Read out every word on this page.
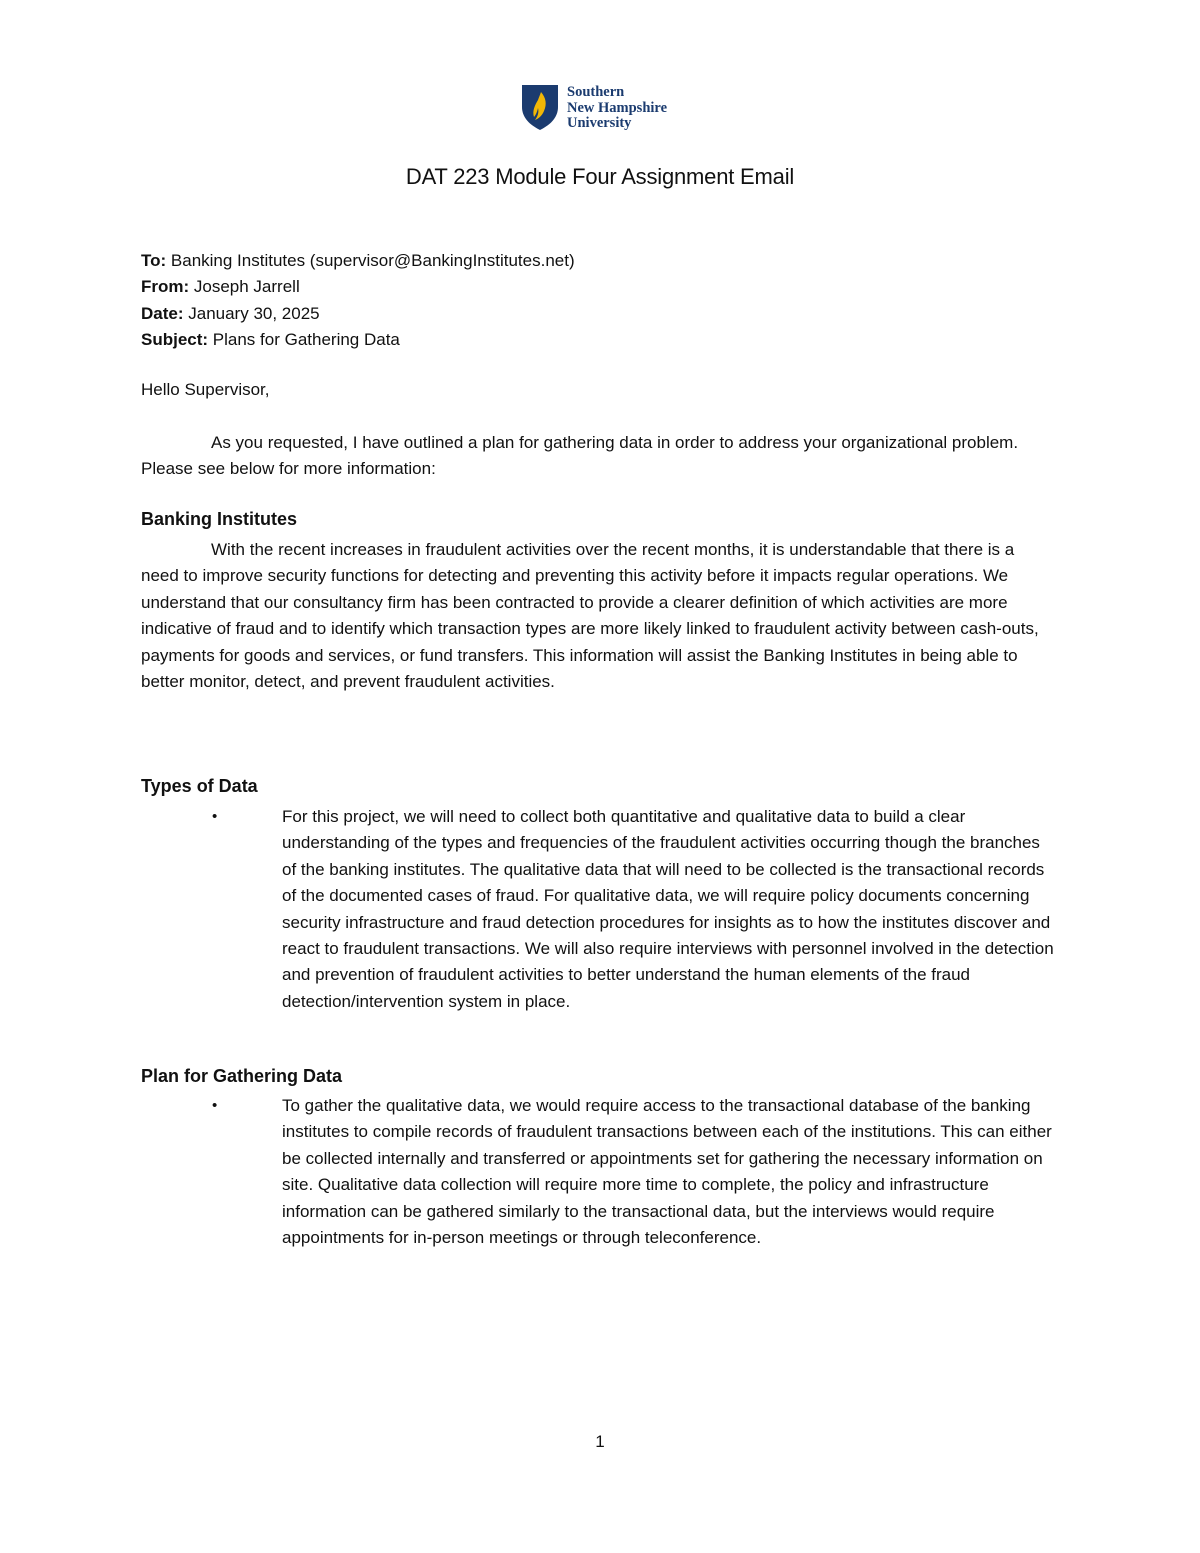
Southern
New Hampshire
University
DAT 223 Module Four Assignment Email
To: Banking Institutes (supervisor@BankingInstitutes.net)
From: Joseph Jarrell
Date: January 30, 2025
Subject: Plans for Gathering Data
Hello Supervisor,
As you requested, I have outlined a plan for gathering data in order to address your organizational problem. Please see below for more information:
Banking Institutes
With the recent increases in fraudulent activities over the recent months, it is understandable that there is a need to improve security functions for detecting and preventing this activity before it impacts regular operations. We understand that our consultancy firm has been contracted to provide a clearer definition of which activities are more indicative of fraud and to identify which transaction types are more likely linked to fraudulent activity between cash-outs, payments for goods and services, or fund transfers. This information will assist the Banking Institutes in being able to better monitor, detect, and prevent fraudulent activities.
Types of Data
•	For this project, we will need to collect both quantitative and qualitative data to build a clear understanding of the types and frequencies of the fraudulent activities occurring though the branches of the banking institutes. The qualitative data that will need to be collected is the transactional records of the documented cases of fraud. For qualitative data, we will require policy documents concerning security infrastructure and fraud detection procedures for insights as to how the institutes discover and react to fraudulent transactions. We will also require interviews with personnel involved in the detection and prevention of fraudulent activities to better understand the human elements of the fraud detection/intervention system in place.
Plan for Gathering Data
•	To gather the qualitative data, we would require access to the transactional database of the banking institutes to compile records of fraudulent transactions between each of the institutions. This can either be collected internally and transferred or appointments set for gathering the necessary information on site. Qualitative data collection will require more time to complete, the policy and infrastructure information can be gathered similarly to the transactional data, but the interviews would require appointments for in-person meetings or through teleconference.
1
